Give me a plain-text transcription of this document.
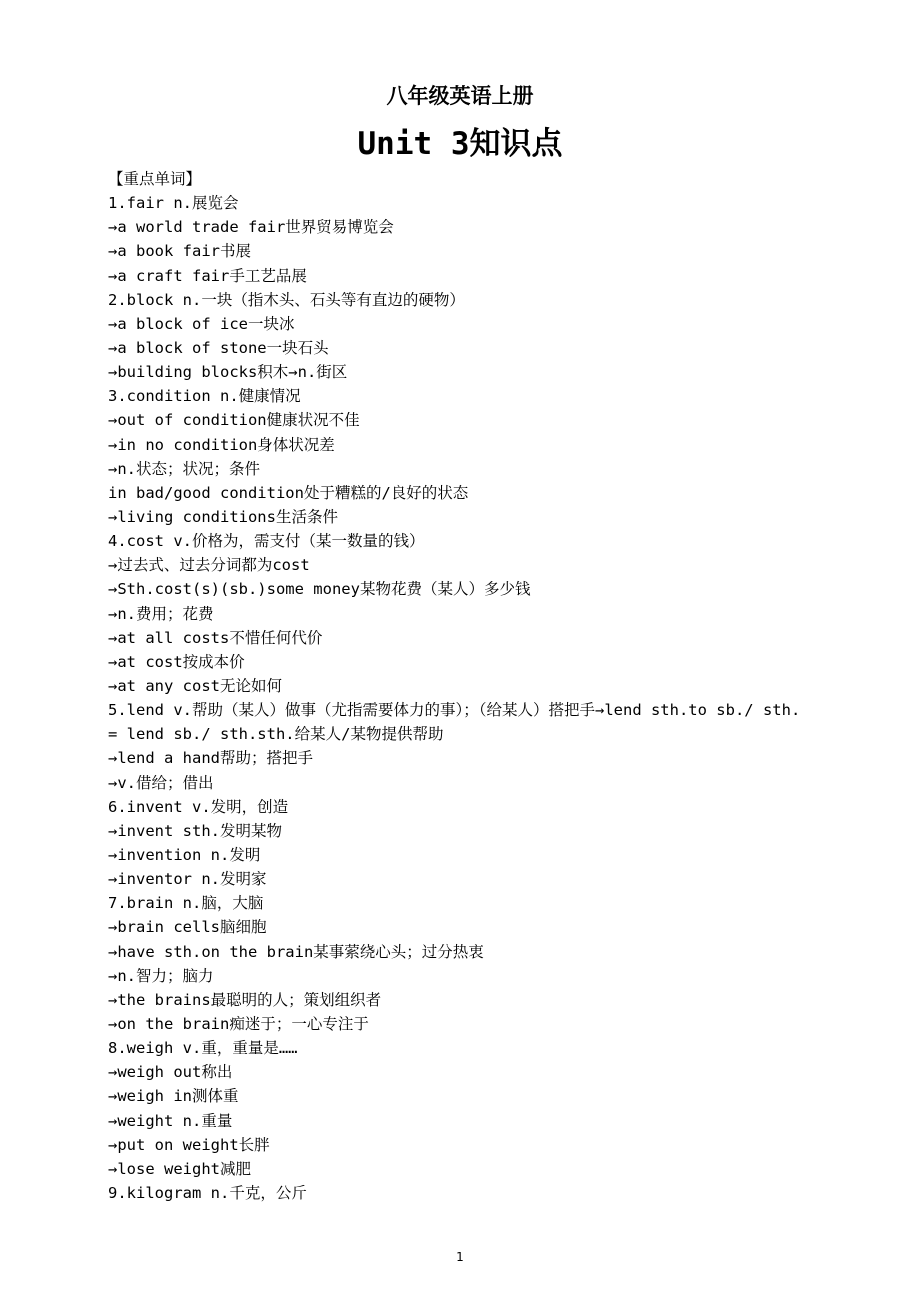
八年级英语上册
Unit 3知识点
【重点单词】
1.fair n.展览会
→a world trade fair世界贸易博览会
→a book fair书展
→a craft fair手工艺品展
2.block n.一块（指木头、石头等有直边的硬物）
→a block of ice一块冰
→a block of stone一块石头
→building blocks积木→n.街区
3.condition n.健康情况
→out of condition健康状况不佳
→in no condition身体状况差
→n.状态；状况；条件
in bad/good condition处于糟糕的/良好的状态
→living conditions生活条件
4.cost v.价格为，需支付（某一数量的钱）
→过去式、过去分词都为cost
→Sth.cost(s)(sb.)some money某物花费（某人）多少钱
→n.费用；花费
→at all costs不惜任何代价
→at cost按成本价
→at any cost无论如何
5.lend v.帮助（某人）做事（尤指需要体力的事）；（给某人）搭把手→lend sth.to sb./ sth.
= lend sb./ sth.sth.给某人/某物提供帮助
→lend a hand帮助；搭把手
→v.借给；借出
6.invent v.发明，创造
→invent sth.发明某物
→invention n.发明
→inventor n.发明家
7.brain n.脑，大脑
→brain cells脑细胞
→have sth.on the brain某事萦绕心头；过分热衷
→n.智力；脑力
→the brains最聪明的人；策划组织者
→on the brain痴迷于；一心专注于
8.weigh v.重，重量是……
→weigh out称出
→weigh in测体重
→weight n.重量
→put on weight长胖
→lose weight减肥
9.kilogram n.千克，公斤
1
